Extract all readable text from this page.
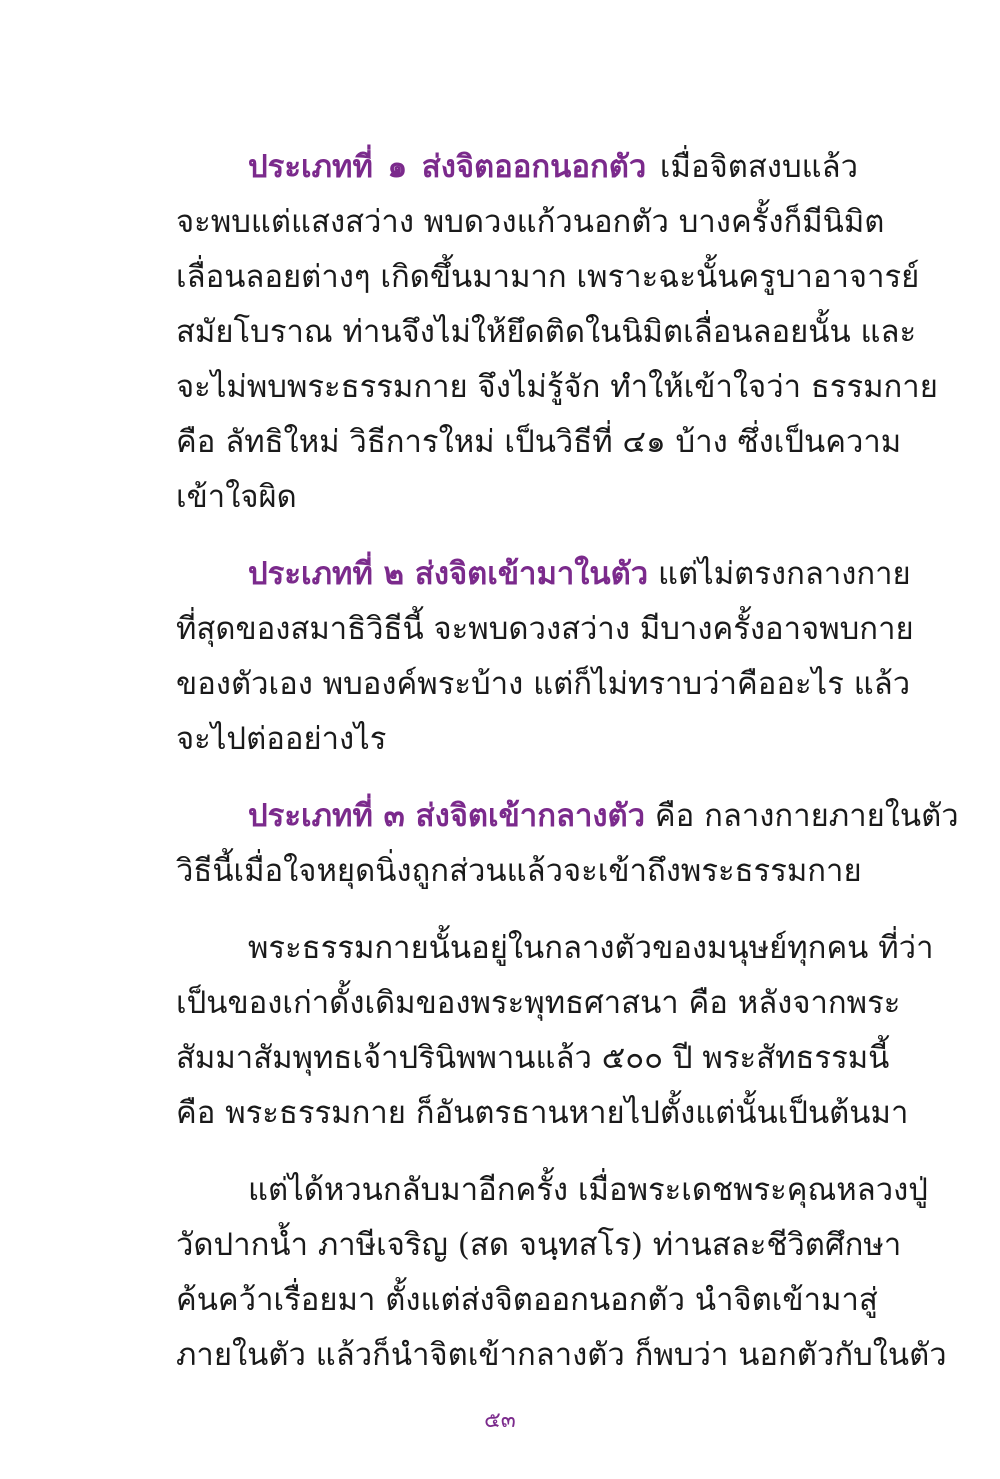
ประเภทที่ ๑ ส่งจิตออกนอกตัว เมื่อจิตสงบแล้ว
จะพบแต่แสงสว่าง พบดวงแก้วนอกตัว บางครั้งก็มีนิมิต
เลื่อนลอยต่างๆ เกิดขึ้นมามาก เพราะฉะนั้นครูบาอาจารย์
สมัยโบราณ ท่านจึงไม่ให้ยึดติดในนิมิตเลื่อนลอยนั้น และ
จะไม่พบพระธรรมกาย จึงไม่รู้จัก ทำให้เข้าใจว่า ธรรมกาย
คือ ลัทธิใหม่ วิธีการใหม่ เป็นวิธีที่ ๔๑ บ้าง ซึ่งเป็นความ
เข้าใจผิด
ประเภทที่ ๒ ส่งจิตเข้ามาในตัว แต่ไม่ตรงกลางกาย
ที่สุดของสมาธิวิธีนี้ จะพบดวงสว่าง มีบางครั้งอาจพบกาย
ของตัวเอง พบองค์พระบ้าง แต่ก็ไม่ทราบว่าคืออะไร แล้ว
จะไปต่ออย่างไร
ประเภทที่ ๓ ส่งจิตเข้ากลางตัว คือ กลางกายภายในตัว
วิธีนี้เมื่อใจหยุดนิ่งถูกส่วนแล้วจะเข้าถึงพระธรรมกาย
พระธรรมกายนั้นอยู่ในกลางตัวของมนุษย์ทุกคน ที่ว่า
เป็นของเก่าดั้งเดิมของพระพุทธศาสนา คือ หลังจากพระ
สัมมาสัมพุทธเจ้าปรินิพพานแล้ว ๕๐๐ ปี พระสัทธรรมนี้
คือ พระธรรมกาย ก็อันตรธานหายไปตั้งแต่นั้นเป็นต้นมา
แต่ได้หวนกลับมาอีกครั้ง เมื่อพระเดชพระคุณหลวงปู่
วัดปากน้ำ ภาษีเจริญ (สด จนฺทสโร) ท่านสละชีวิตศึกษา
ค้นคว้าเรื่อยมา ตั้งแต่ส่งจิตออกนอกตัว นำจิตเข้ามาสู่
ภายในตัว แล้วก็นำจิตเข้ากลางตัว ก็พบว่า นอกตัวกับในตัว
๕๓
